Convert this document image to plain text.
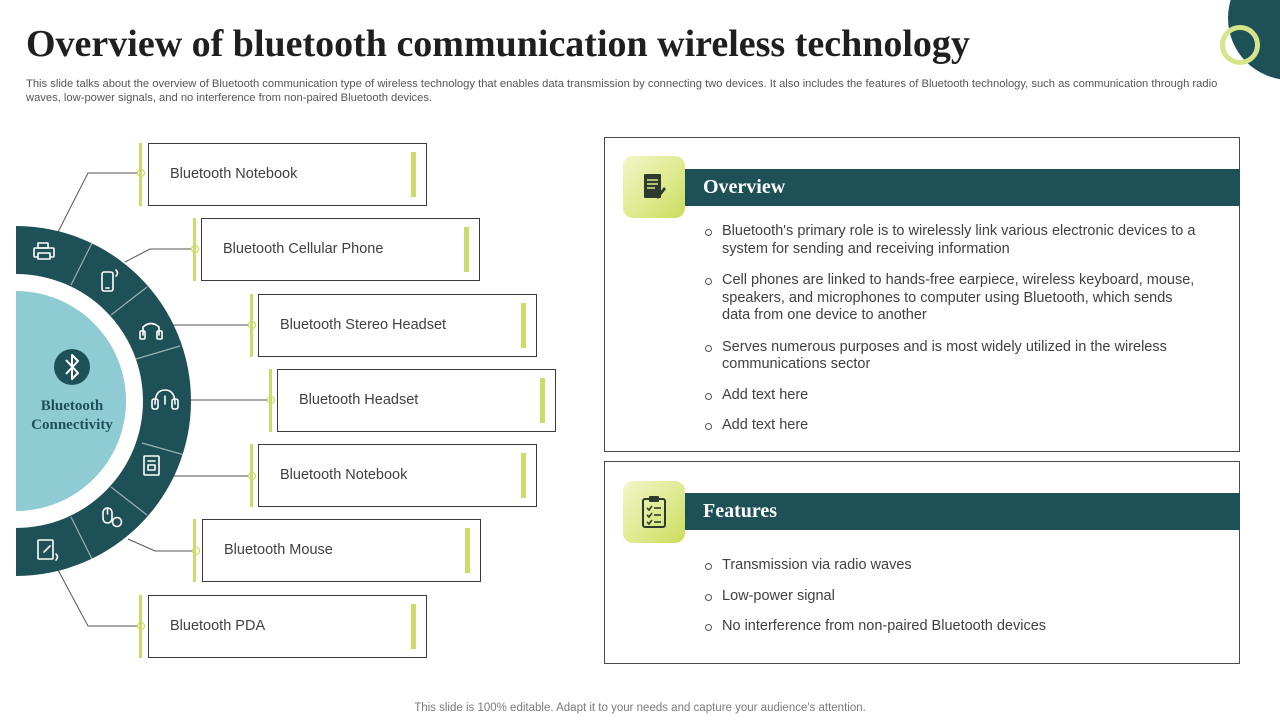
Overview of bluetooth communication wireless technology

This slide talks about the overview of Bluetooth communication type of wireless technology that enables data transmission by connecting two devices. It also includes the features of Bluetooth technology, such as communication through radio waves, low-power signals, and no interference from non-paired Bluetooth devices.

Bluetooth
Connectivity
Bluetooth Notebook
Bluetooth Cellular Phone
Bluetooth Stereo Headset
Bluetooth Headset
Bluetooth Notebook
Bluetooth Mouse
Bluetooth PDA
Overview
Bluetooth's primary role is to wirelessly link various electronic devices to a system for sending and receiving information
Cell phones are linked to hands-free earpiece, wireless keyboard, mouse, speakers, and microphones to computer using Bluetooth, which sends data from one device to another
Serves numerous purposes and is most widely utilized in the wireless communications sector
Add text here
Add text here
Features
Transmission via radio waves
Low-power signal
No interference from non-paired Bluetooth devices

This slide is 100% editable. Adapt it to your needs and capture your audience's attention.
